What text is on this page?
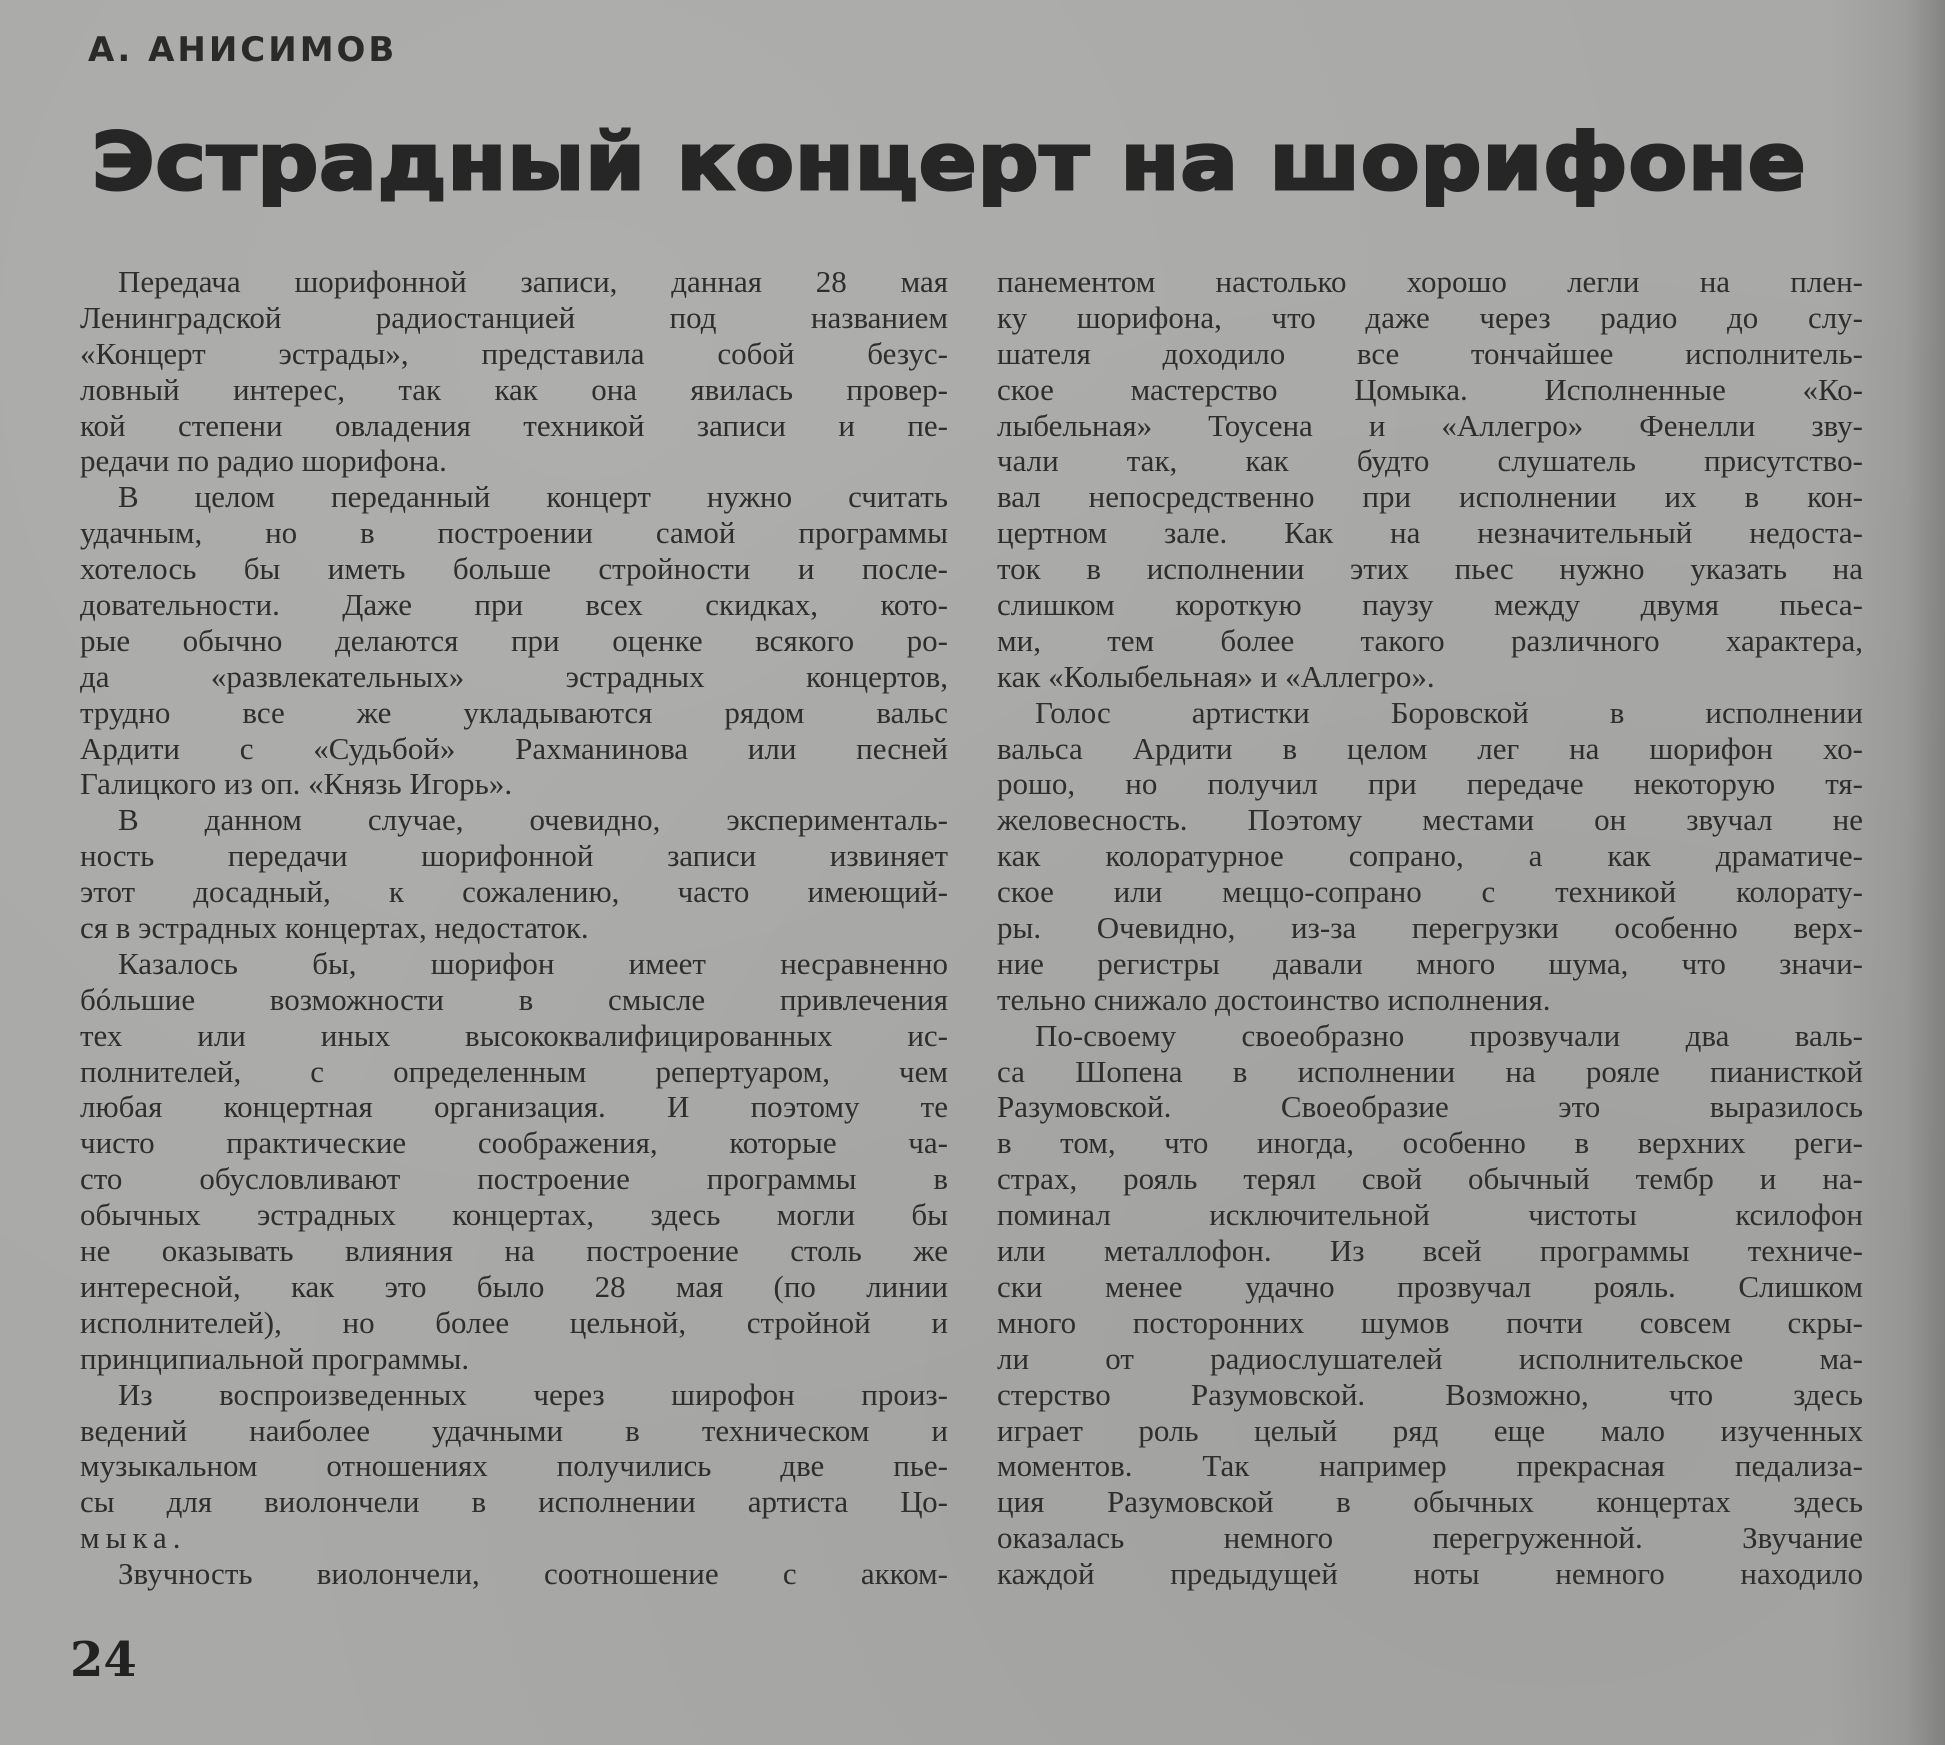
А. АНИСИМОВ
Эстрадный концерт на шорифоне
Передача шорифонной записи, данная 28 мая
Ленинградской радиостанцией под названием
«Концерт эстрады», представила собой безус-
ловный интерес, так как она явилась провер-
кой степени овладения техникой записи и пе-
редачи по радио шорифона.
В целом переданный концерт нужно считать
удачным, но в построении самой программы
хотелось бы иметь больше стройности и после-
довательности. Даже при всех скидках, кото-
рые обычно делаются при оценке всякого ро-
да «развлекательных» эстрадных концертов,
трудно все же укладываются рядом вальс
Ардити с «Судьбой» Рахманинова или песней
Галицкого из оп. «Князь Игорь».
В данном случае, очевидно, эксперименталь-
ность передачи шорифонной записи извиняет
этот досадный, к сожалению, часто имеющий-
ся в эстрадных концертах, недостаток.
Казалось бы, шорифон имеет несравненно
бóльшие возможности в смысле привлечения
тех или иных высококвалифицированных ис-
полнителей, с определенным репертуаром, чем
любая концертная организация. И поэтому те
чисто практические соображения, которые ча-
сто обусловливают построение программы в
обычных эстрадных концертах, здесь могли бы
не оказывать влияния на построение столь же
интересной, как это было 28 мая (по линии
исполнителей), но более цельной, стройной и
принципиальной программы.
Из воспроизведенных через широфон произ-
ведений наиболее удачными в техническом и
музыкальном отношениях получились две пье-
сы для виолончели в исполнении артиста Цо-
мыка.
Звучность виолончели, соотношение с акком-
панементом настолько хорошо легли на плен-
ку шорифона, что даже через радио до слу-
шателя доходило все тончайшее исполнитель-
ское мастерство Цомыка. Исполненные «Ко-
лыбельная» Тоусена и «Аллегро» Фенелли зву-
чали так, как будто слушатель присутство-
вал непосредственно при исполнении их в кон-
цертном зале. Как на незначительный недоста-
ток в исполнении этих пьес нужно указать на
слишком короткую паузу между двумя пьеса-
ми, тем более такого различного характера,
как «Колыбельная» и «Аллегро».
Голос артистки Боровской в исполнении
вальса Ардити в целом лег на шорифон хо-
рошо, но получил при передаче некоторую тя-
желовесность. Поэтому местами он звучал не
как колоратурное сопрано, а как драматиче-
ское или меццо-сопрано с техникой колорату-
ры. Очевидно, из-за перегрузки особенно верх-
ние регистры давали много шума, что значи-
тельно снижало достоинство исполнения.
По-своему своеобразно прозвучали два валь-
са Шопена в исполнении на рояле пианисткой
Разумовской. Своеобразие это выразилось
в том, что иногда, особенно в верхних реги-
страх, рояль терял свой обычный тембр и на-
поминал исключительной чистоты ксилофон
или металлофон. Из всей программы техниче-
ски менее удачно прозвучал рояль. Слишком
много посторонних шумов почти совсем скры-
ли от радиослушателей исполнительское ма-
стерство Разумовской. Возможно, что здесь
играет роль целый ряд еще мало изученных
моментов. Так например прекрасная педализа-
ция Разумовской в обычных концертах здесь
оказалась немного перегруженной. Звучание
каждой предыдущей ноты немного находило
24
